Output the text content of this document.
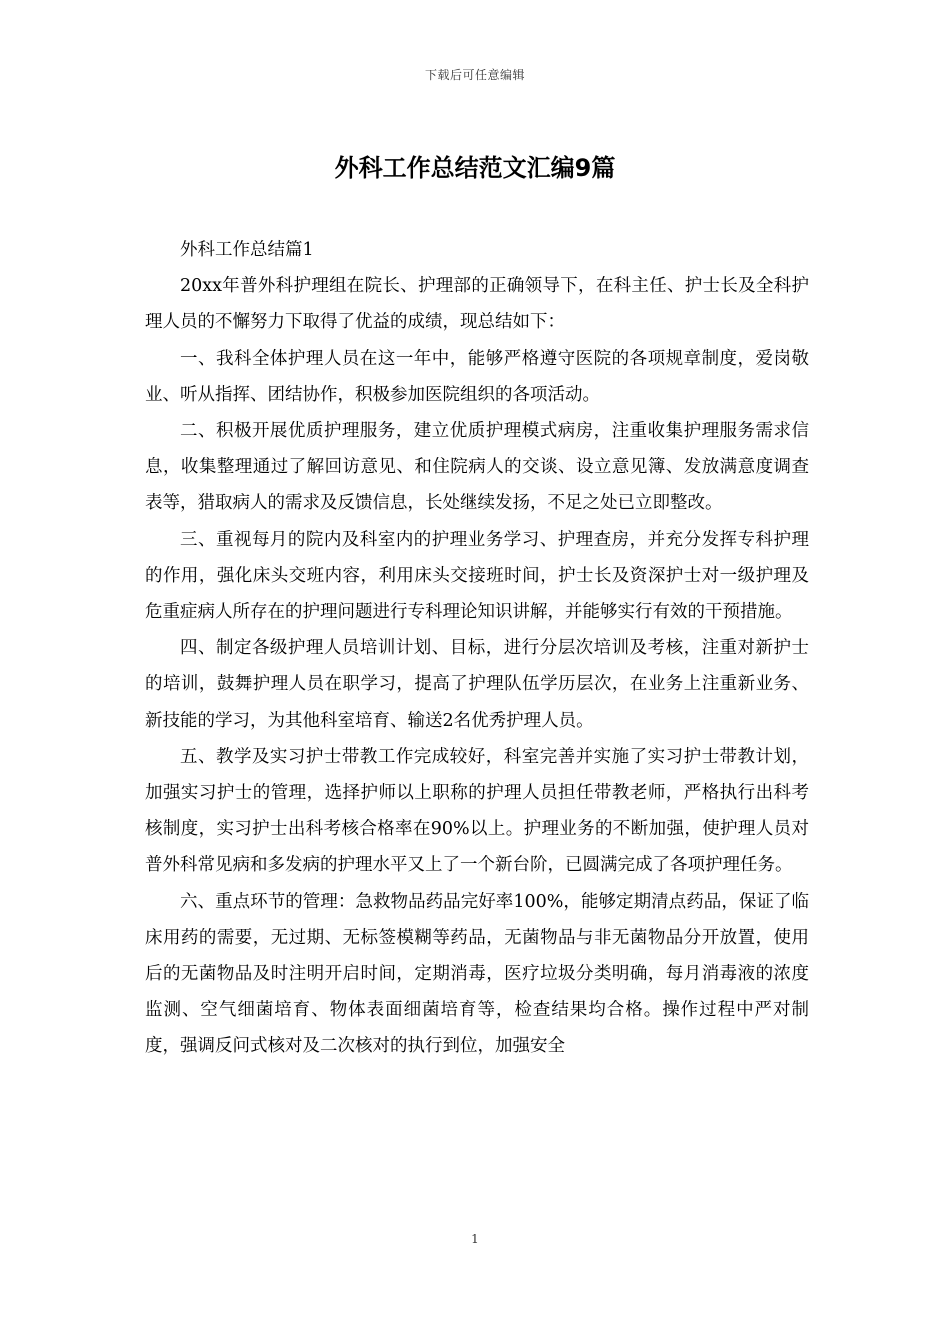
下载后可任意编辑
外科工作总结范文汇编9篇

外科工作总结篇1

20xx年普外科护理组在院长、护理部的正确领导下，在科主任、护士长及全科护理人员的不懈努力下取得了优益的成绩，现总结如下：

一、我科全体护理人员在这一年中，能够严格遵守医院的各项规章制度，爱岗敬业、听从指挥、团结协作，积极参加医院组织的各项活动。

二、积极开展优质护理服务，建立优质护理模式病房，注重收集护理服务需求信息，收集整理通过了解回访意见、和住院病人的交谈、设立意见簿、发放满意度调查表等，猎取病人的需求及反馈信息，长处继续发扬，不足之处已立即整改。

三、重视每月的院内及科室内的护理业务学习、护理查房，并充分发挥专科护理的作用，强化床头交班内容，利用床头交接班时间，护士长及资深护士对一级护理及危重症病人所存在的护理问题进行专科理论知识讲解，并能够实行有效的干预措施。

四、制定各级护理人员培训计划、目标，进行分层次培训及考核，注重对新护士的培训，鼓舞护理人员在职学习，提高了护理队伍学历层次，在业务上注重新业务、新技能的学习，为其他科室培育、输送2名优秀护理人员。

五、教学及实习护士带教工作完成较好，科室完善并实施了实习护士带教计划，加强实习护士的管理，选择护师以上职称的护理人员担任带教老师，严格执行出科考核制度，实习护士出科考核合格率在90%以上。护理业务的不断加强，使护理人员对普外科常见病和多发病的护理水平又上了一个新台阶，已圆满完成了各项护理任务。

六、重点环节的管理：急救物品药品完好率100%，能够定期清点药品，保证了临床用药的需要，无过期、无标签模糊等药品，无菌物品与非无菌物品分开放置，使用后的无菌物品及时注明开启时间，定期消毒，医疗垃圾分类明确，每月消毒液的浓度监测、空气细菌培育、物体表面细菌培育等，检查结果均合格。操作过程中严对制度，强调反问式核对及二次核对的执行到位，加强安全

1
